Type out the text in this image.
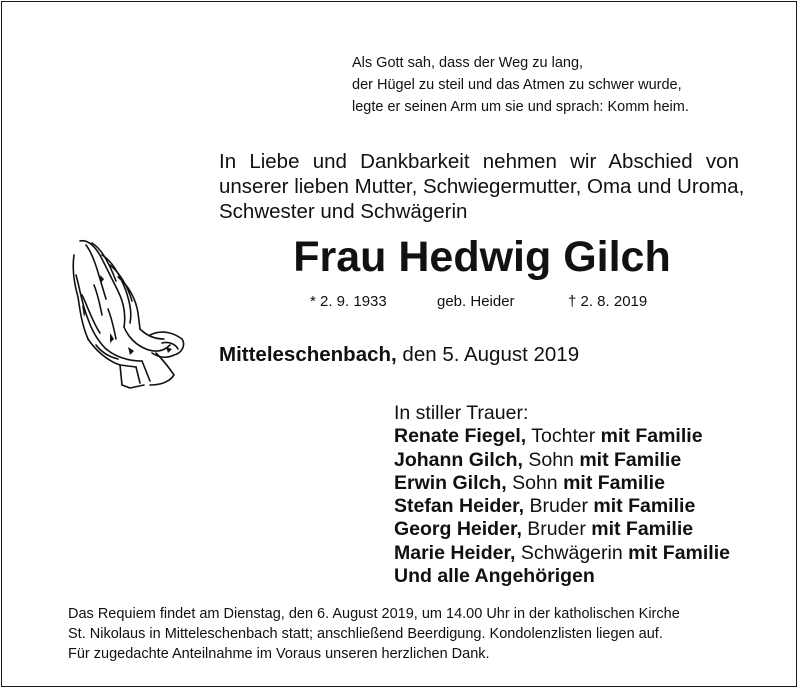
Als Gott sah, dass der Weg zu lang,
der Hügel zu steil und das Atmen zu schwer wurde,
legte er seinen Arm um sie und sprach: Komm heim.
In Liebe und Dankbarkeit nehmen wir Abschied von
unserer lieben Mutter, Schwiegermutter, Oma und Uroma,
Schwester und Schwägerin
Frau Hedwig Gilch
* 2. 9. 1933	geb. Heider	† 2. 8. 2019
Mitteleschenbach, den 5. August 2019
In stiller Trauer:
Renate Fiegel, Tochter mit Familie
Johann Gilch, Sohn mit Familie
Erwin Gilch, Sohn mit Familie
Stefan Heider, Bruder mit Familie
Georg Heider, Bruder mit Familie
Marie Heider, Schwägerin mit Familie
Und alle Angehörigen
Das Requiem findet am Dienstag, den 6. August 2019, um 14.00 Uhr in der katholischen Kirche
St. Nikolaus in Mitteleschenbach statt; anschließend Beerdigung. Kondolenzlisten liegen auf.
Für zugedachte Anteilnahme im Voraus unseren herzlichen Dank.
